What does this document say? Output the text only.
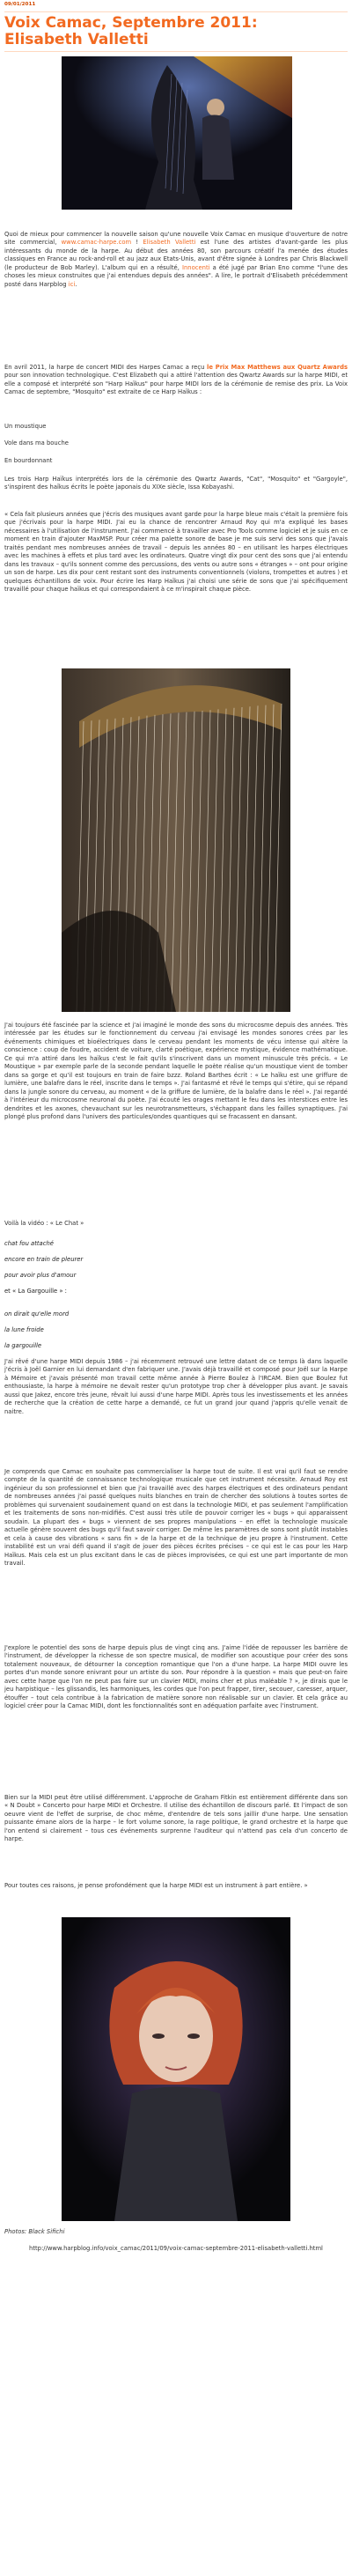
09/01/2011
Voix Camac, Septembre 2011: Elisabeth Valletti
Quoi de mieux pour commencer la nouvelle saison qu'une nouvelle Voix Camac en musique d'ouverture de notre site commercial, www.camac-harpe.com ! Elisabeth Valletti est l'une des artistes d'avant-garde les plus intéressants du monde de la harpe. Au début des années 80, son parcours créatif l'a menée des études classiques en France au rock-and-roll et au jazz aux Etats-Unis, avant d'être signée à Londres par Chris Blackwell (le producteur de Bob Marley). L'album qui en a résulté, Innocenti a été jugé par Brian Eno comme "l'une des choses les mieux construites que j'ai entendues depuis des années". A lire, le portrait d'Elisabeth précédemment posté dans Harpblog ici.
En avril 2011, la harpe de concert MIDI des Harpes Camac a reçu le Prix Max Matthews aux Quartz Awards pour son innovation technologique. C'est Elizabeth qui a attiré l'attention des Qwartz Awards sur la harpe MIDI, et elle a composé et interprété son "Harp Haïkus" pour harpe MIDI lors de la cérémonie de remise des prix. La Voix Camac de septembre, "Mosquito" est extraite de ce Harp Haïkus :
Un moustique
Vole dans ma bouche
En bourdonnant
Les trois Harp Haïkus interprétés lors de la cérémonie des Qwartz Awards, "Cat", "Mosquito" et "Gargoyle", s'inspirent des haïkus écrits le poète japonais du XIXe siècle, Issa Kobayashi.
« Cela fait plusieurs années que j'écris des musiques avant garde pour la harpe bleue mais c'était la première fois que j'écrivais pour la harpe MIDI. J'ai eu la chance de rencontrer Arnaud Roy qui m'a expliqué les bases nécessaires à l'utilisation de l'instrument. J'ai commencé à travailler avec Pro Tools comme logiciel et je suis en ce moment en train d'ajouter MaxMSP. Pour créer ma palette sonore de base je me suis servi des sons que j'avais traités pendant mes nombreuses années de travail – depuis les années 80 – en utilisant les harpes électriques avec les machines à effets et plus tard avec les ordinateurs. Quatre vingt dix pour cent des sons que j'ai entendu dans les travaux – qu'ils sonnent comme des percussions, des vents ou autre sons « étranges » – ont pour origine un son de harpe. Les dix pour cent restant sont des instruments conventionnels (violons, trompettes et autres ) et quelques échantillons de voix. Pour écrire les Harp Haïkus j'ai choisi une série de sons que j'ai spécifiquement travaillé pour chaque haïkus et qui correspondaient à ce m'inspirait chaque pièce.
J'ai toujours été fascinée par la science et j'ai imaginé le monde des sons du microcosme depuis des années. Très intéressée par les études sur le fonctionnement du cerveau j'ai envisagé les mondes sonores crées par les événements chimiques et bioélectriques dans le cerveau pendant les moments de vécu intense qui altère la conscience : coup de foudre, accident de voiture, clarté poétique, expérience mystique, évidence mathématique. Ce qui m'a attiré dans les haïkus c'est le fait qu'ils s'inscrivent dans un moment minuscule très précis. « Le Moustique » par exemple parle de la seconde pendant laquelle le poète réalise qu'un moustique vient de tomber dans sa gorge et qu'il est toujours en train de faire bzzz. Roland Barthes écrit : « Le haïku est une griffure de lumière, une balafre dans le réel, inscrite dans le temps ». J'ai fantasmé et rêvé le temps qui s'étire, qui se répand dans la jungle sonore du cerveau, au moment « de la griffure de lumière, de la balafre dans le réel ». J'ai regardé à l'intérieur du microcosme neuronal du poète. J'ai écouté les orages mettant le feu dans les interstices entre les dendrites et les axones, chevauchant sur les neurotransmetteurs, s'échappant dans les failles synaptiques. J'ai plongé plus profond dans l'univers des particules/ondes quantiques qui se fracassent en dansant.
Voilà la vidéo : « Le Chat »
chat fou attaché
encore en train de pleurer
pour avoir plus d'amour
et « La Gargouille » :
on dirait qu'elle mord
la lune froide
la gargouille
J'ai rêvé d'une harpe MIDI depuis 1986 – j'ai récemment retrouvé une lettre datant de ce temps là dans laquelle j'écris à Joël Garnier en lui demandant d'en fabriquer une. J'avais déjà travaillé et composé pour Joël sur la Harpe à Mémoire et j'avais présenté mon travail cette même année à Pierre Boulez à l'IRCAM. Bien que Boulez fut enthousiaste, la harpe à mémoire ne devait rester qu'un prototype trop cher à développer plus avant. Je savais aussi que Jakez, encore très jeune, rêvait lui aussi d'une harpe MIDI. Après tous les investissements et les années de recherche que la création de cette harpe a demandé, ce fut un grand jour quand j'appris qu'elle venait de naitre.
Je comprends que Camac en souhaite pas commercialiser la harpe tout de suite. Il est vrai qu'il faut se rendre compte de la quantité de connaissance technologique musicale que cet instrument nécessite. Arnaud Roy est ingénieur du son professionnel et bien que j'ai travaillé avec des harpes électriques et des ordinateurs pendant de nombreuses années j'ai passé quelques nuits blanches en train de chercher des solutions à toutes sortes de problèmes qui survenaient soudainement quand on est dans la technologie MIDI, et pas seulement l'amplification et les traitements de sons non-midifiés. C'est aussi très utile de pouvoir corriger les « bugs » qui apparaissent soudain. La plupart des « bugs » viennent de ses propres manipulations – en effet la technologie musicale actuelle génère souvent des bugs qu'il faut savoir corriger. De même les paramètres de sons sont plutôt instables et cela à cause des vibrations « sans fin » de la harpe et de la technique de jeu propre à l'instrument. Cette instabilité est un vrai défi quand il s'agit de jouer des pièces écrites précises – ce qui est le cas pour les Harp Haïkus. Mais cela est un plus excitant dans le cas de pièces improvisées, ce qui est une part importante de mon travail.
J'explore le potentiel des sons de harpe depuis plus de vingt cinq ans. J'aime l'idée de repousser les barrière de l'instrument, de développer la richesse de son spectre musical, de modifier son acoustique pour créer des sons totalement nouveaux, de détourner la conception romantique que l'on a d'une harpe. La harpe MIDI ouvre les portes d'un monde sonore enivrant pour un artiste du son. Pour répondre à la question « mais que peut-on faire avec cette harpe que l'on ne peut pas faire sur un clavier MIDI, moins cher et plus maléable ? », je dirais que le jeu harpistique – les glissandis, les harmoniques, les cordes que l'on peut frapper, tirer, secouer, caresser, arquer, étouffer – tout cela contribue à la fabrication de matière sonore non réalisable sur un clavier. Et cela grâce au logiciel créer pour la Camac MIDI, dont les fonctionnalités sont en adéquation parfaite avec l'instrument.
Bien sur la MIDI peut être utilisé différemment. L'approche de Graham Fitkin est entièrement différente dans son « N Doubt » Concerto pour harpe MIDI et Orchestre. Il utilise des échantillon de discours parlé. Et l'impact de son oeuvre vient de l'effet de surprise, de choc même, d'entendre de tels sons jaillir d'une harpe. Une sensation puissante émane alors de la harpe – le fort volume sonore, la rage politique, le grand orchestre et la harpe que l'on entend si clairement – tous ces événements surprenne l'auditeur qui n'attend pas cela d'un concerto de harpe.
Pour toutes ces raisons, je pense profondément que la harpe MIDI est un instrument à part entière. »
Photos: Black Sifichi
http://www.harpblog.info/voix_camac/2011/09/voix-camac-septembre-2011-elisabeth-valletti.html
